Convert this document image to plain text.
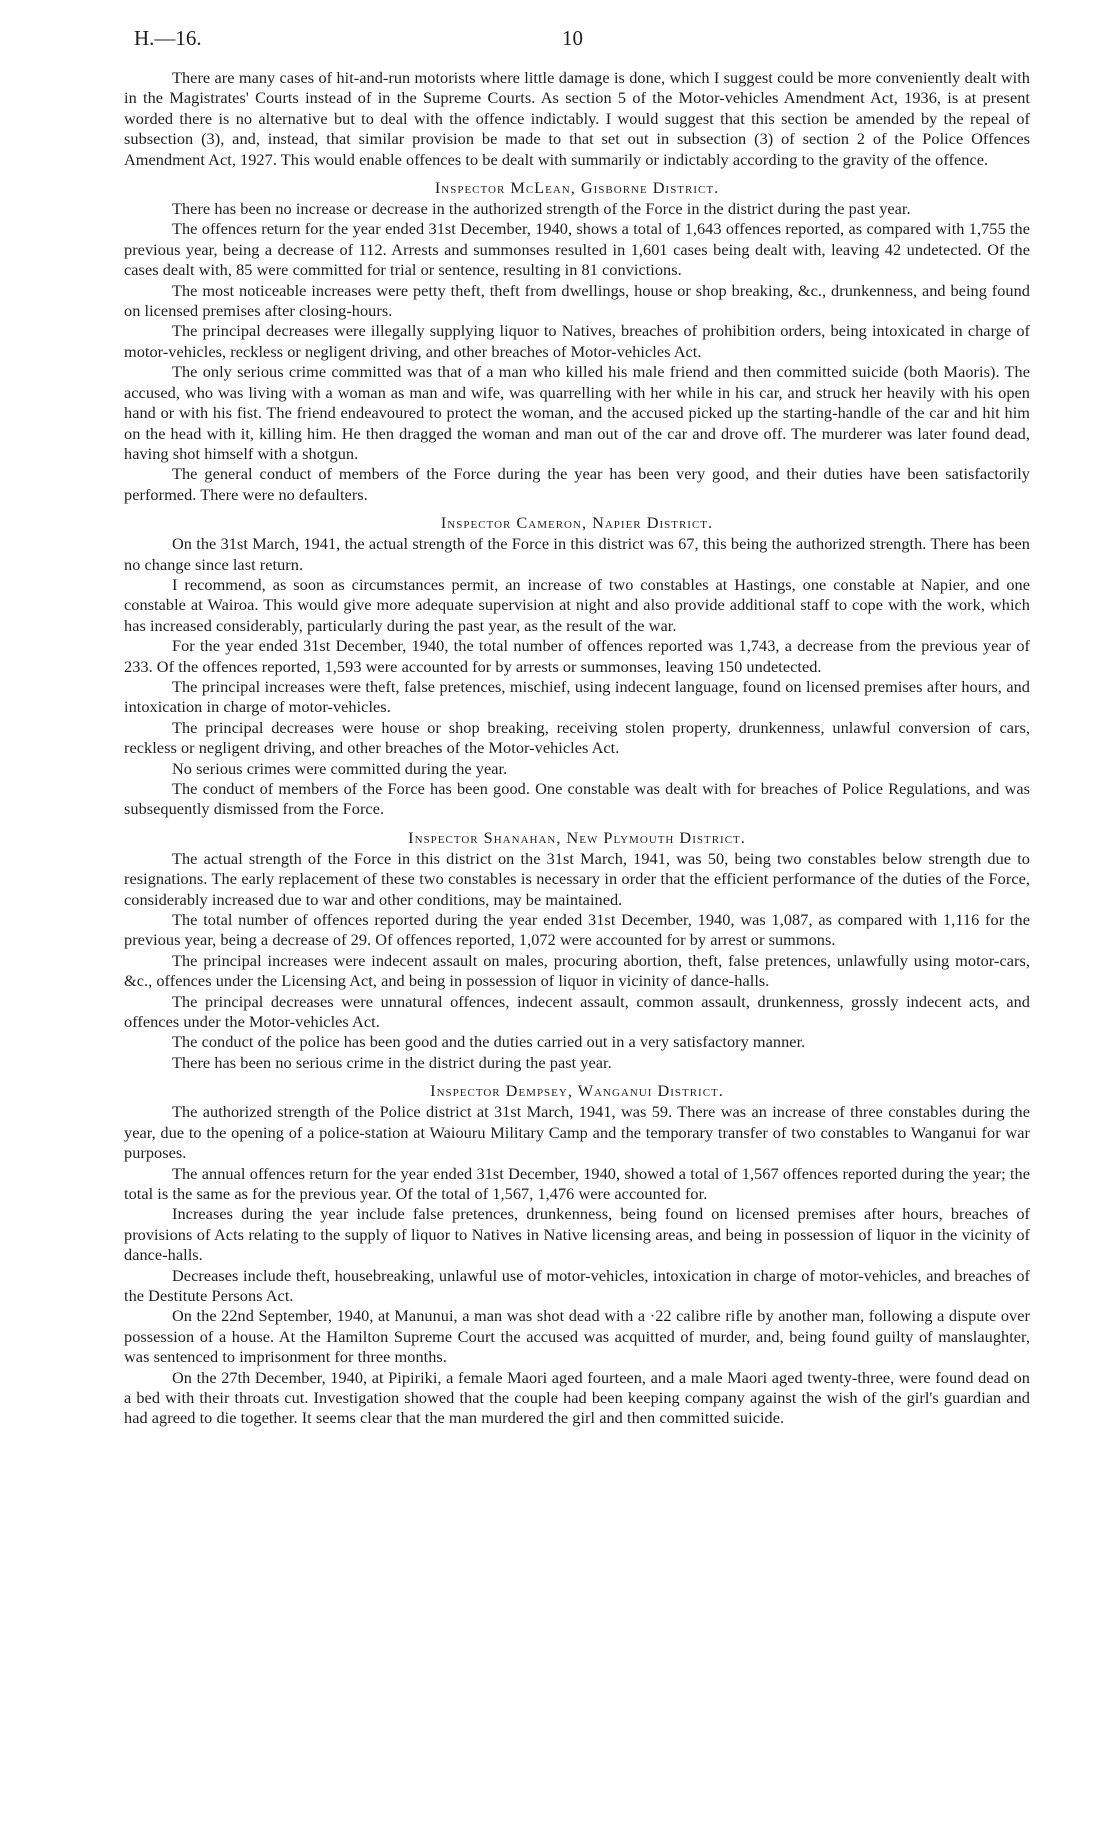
H.—16.	10

There are many cases of hit-and-run motorists where little damage is done, which I suggest could be more conveniently dealt with in the Magistrates' Courts instead of in the Supreme Courts. As section 5 of the Motor-vehicles Amendment Act, 1936, is at present worded there is no alternative but to deal with the offence indictably. I would suggest that this section be amended by the repeal of subsection (3), and, instead, that similar provision be made to that set out in subsection (3) of section 2 of the Police Offences Amendment Act, 1927. This would enable offences to be dealt with summarily or indictably according to the gravity of the offence.

Inspector McLean, Gisborne District.

There has been no increase or decrease in the authorized strength of the Force in the district during the past year.

The offences return for the year ended 31st December, 1940, shows a total of 1,643 offences reported, as compared with 1,755 the previous year, being a decrease of 112. Arrests and summonses resulted in 1,601 cases being dealt with, leaving 42 undetected. Of the cases dealt with, 85 were committed for trial or sentence, resulting in 81 convictions.

The most noticeable increases were petty theft, theft from dwellings, house or shop breaking, &c., drunkenness, and being found on licensed premises after closing-hours.

The principal decreases were illegally supplying liquor to Natives, breaches of prohibition orders, being intoxicated in charge of motor-vehicles, reckless or negligent driving, and other breaches of Motor-vehicles Act.

The only serious crime committed was that of a man who killed his male friend and then committed suicide (both Maoris). The accused, who was living with a woman as man and wife, was quarrelling with her while in his car, and struck her heavily with his open hand or with his fist. The friend endeavoured to protect the woman, and the accused picked up the starting-handle of the car and hit him on the head with it, killing him. He then dragged the woman and man out of the car and drove off. The murderer was later found dead, having shot himself with a shotgun.

The general conduct of members of the Force during the year has been very good, and their duties have been satisfactorily performed. There were no defaulters.

Inspector Cameron, Napier District.

On the 31st March, 1941, the actual strength of the Force in this district was 67, this being the authorized strength. There has been no change since last return.

I recommend, as soon as circumstances permit, an increase of two constables at Hastings, one constable at Napier, and one constable at Wairoa. This would give more adequate supervision at night and also provide additional staff to cope with the work, which has increased considerably, particularly during the past year, as the result of the war.

For the year ended 31st December, 1940, the total number of offences reported was 1,743, a decrease from the previous year of 233. Of the offences reported, 1,593 were accounted for by arrests or summonses, leaving 150 undetected.

The principal increases were theft, false pretences, mischief, using indecent language, found on licensed premises after hours, and intoxication in charge of motor-vehicles.

The principal decreases were house or shop breaking, receiving stolen property, drunkenness, unlawful conversion of cars, reckless or negligent driving, and other breaches of the Motor-vehicles Act.

No serious crimes were committed during the year.

The conduct of members of the Force has been good. One constable was dealt with for breaches of Police Regulations, and was subsequently dismissed from the Force.

Inspector Shanahan, New Plymouth District.

The actual strength of the Force in this district on the 31st March, 1941, was 50, being two constables below strength due to resignations. The early replacement of these two constables is necessary in order that the efficient performance of the duties of the Force, considerably increased due to war and other conditions, may be maintained.

The total number of offences reported during the year ended 31st December, 1940, was 1,087, as compared with 1,116 for the previous year, being a decrease of 29. Of offences reported, 1,072 were accounted for by arrest or summons.

The principal increases were indecent assault on males, procuring abortion, theft, false pretences, unlawfully using motor-cars, &c., offences under the Licensing Act, and being in possession of liquor in vicinity of dance-halls.

The principal decreases were unnatural offences, indecent assault, common assault, drunkenness, grossly indecent acts, and offences under the Motor-vehicles Act.

The conduct of the police has been good and the duties carried out in a very satisfactory manner.

There has been no serious crime in the district during the past year.

Inspector Dempsey, Wanganui District.

The authorized strength of the Police district at 31st March, 1941, was 59. There was an increase of three constables during the year, due to the opening of a police-station at Waiouru Military Camp and the temporary transfer of two constables to Wanganui for war purposes.

The annual offences return for the year ended 31st December, 1940, showed a total of 1,567 offences reported during the year; the total is the same as for the previous year. Of the total of 1,567, 1,476 were accounted for.

Increases during the year include false pretences, drunkenness, being found on licensed premises after hours, breaches of provisions of Acts relating to the supply of liquor to Natives in Native licensing areas, and being in possession of liquor in the vicinity of dance-halls.

Decreases include theft, housebreaking, unlawful use of motor-vehicles, intoxication in charge of motor-vehicles, and breaches of the Destitute Persons Act.

On the 22nd September, 1940, at Manunui, a man was shot dead with a ·22 calibre rifle by another man, following a dispute over possession of a house. At the Hamilton Supreme Court the accused was acquitted of murder, and, being found guilty of manslaughter, was sentenced to imprisonment for three months.

On the 27th December, 1940, at Pipiriki, a female Maori aged fourteen, and a male Maori aged twenty-three, were found dead on a bed with their throats cut. Investigation showed that the couple had been keeping company against the wish of the girl's guardian and had agreed to die together. It seems clear that the man murdered the girl and then committed suicide.
